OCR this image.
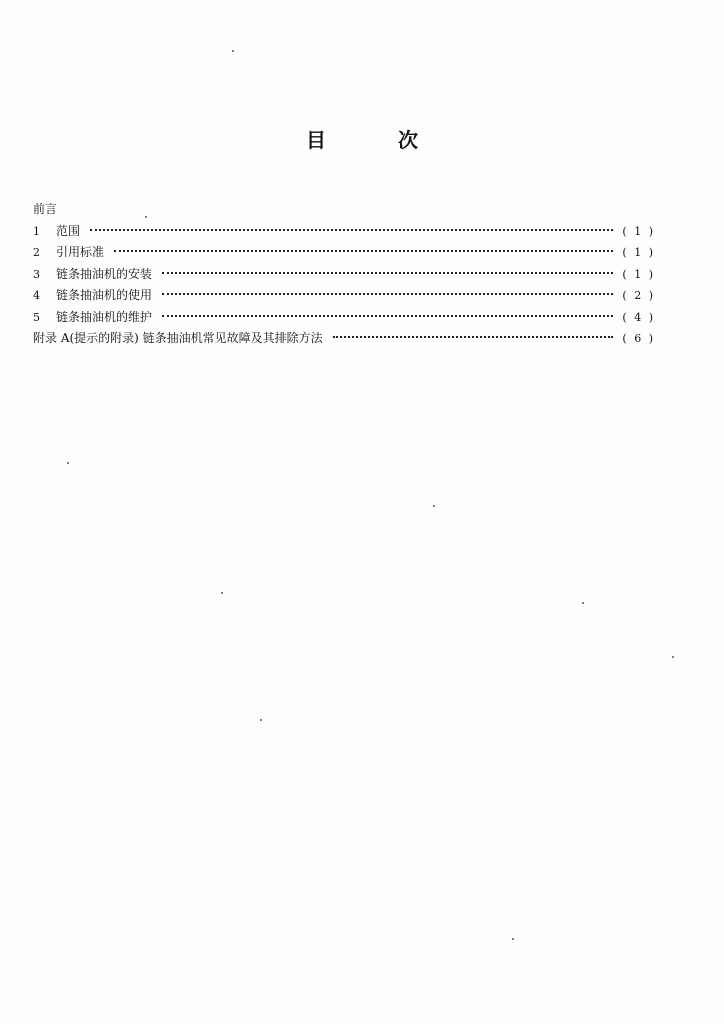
目	次
前言
1	范围	( 1 )
2	引用标准	( 1 )
3	链条抽油机的安装	( 1 )
4	链条抽油机的使用	( 2 )
5	链条抽油机的维护	( 4 )
附录 A(提示的附录) 链条抽油机常见故障及其排除方法	( 6 )
